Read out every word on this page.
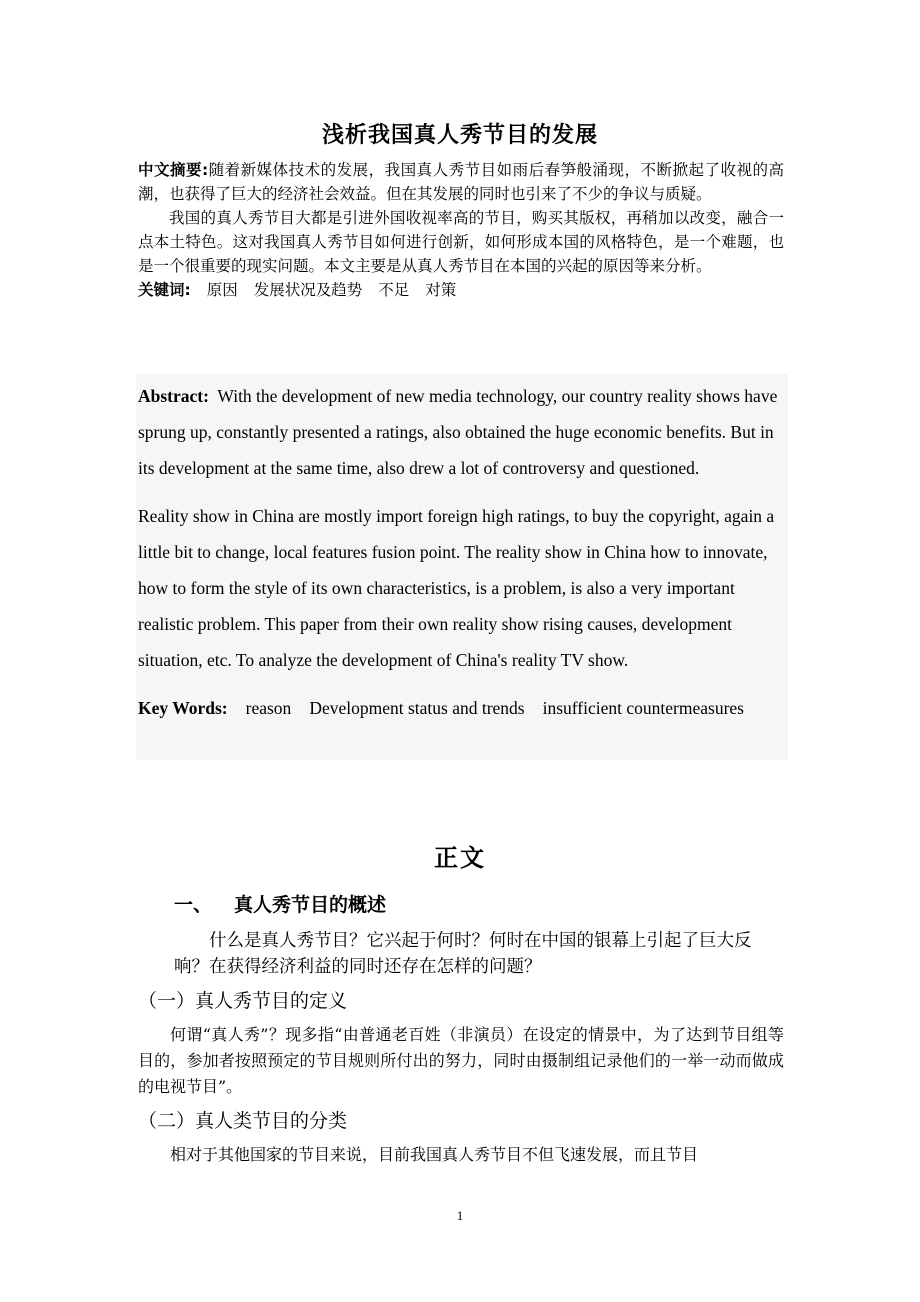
浅析我国真人秀节目的发展

中文摘要:随着新媒体技术的发展，我国真人秀节目如雨后春笋般涌现，不断掀起了收视的高潮，也获得了巨大的经济社会效益。但在其发展的同时也引来了不少的争议与质疑。

我国的真人秀节目大都是引进外国收视率高的节目，购买其版权，再稍加以改变，融合一点本土特色。这对我国真人秀节目如何进行创新，如何形成本国的风格特色，是一个难题，也是一个很重要的现实问题。本文主要是从真人秀节目在本国的兴起的原因等来分析。

关键词: 原因 发展状况及趋势 不足 对策

Abstract: With the development of new media technology, our country reality shows have sprung up, constantly presented a ratings, also obtained the huge economic benefits. But in its development at the same time, also drew a lot of controversy and questioned.

Reality show in China are mostly import foreign high ratings, to buy the copyright, again a little bit to change, local features fusion point. The reality show in China how to innovate, how to form the style of its own characteristics, is a problem, is also a very important realistic problem. This paper from their own reality show rising causes, development situation, etc. To analyze the development of China's reality TV show.

Key Words: reason Development status and trends insufficient countermeasures

正文
一、 真人秀节目的概述

什么是真人秀节目？它兴起于何时？何时在中国的银幕上引起了巨大反响？在获得经济利益的同时还存在怎样的问题？

（一）真人秀节目的定义

何谓“真人秀”？现多指“由普通老百姓（非演员）在设定的情景中，为了达到节目组等目的，参加者按照预定的节目规则所付出的努力，同时由摄制组记录他们的一举一动而做成的电视节目”。

（二）真人类节目的分类

相对于其他国家的节目来说，目前我国真人秀节目不但飞速发展，而且节目

1
